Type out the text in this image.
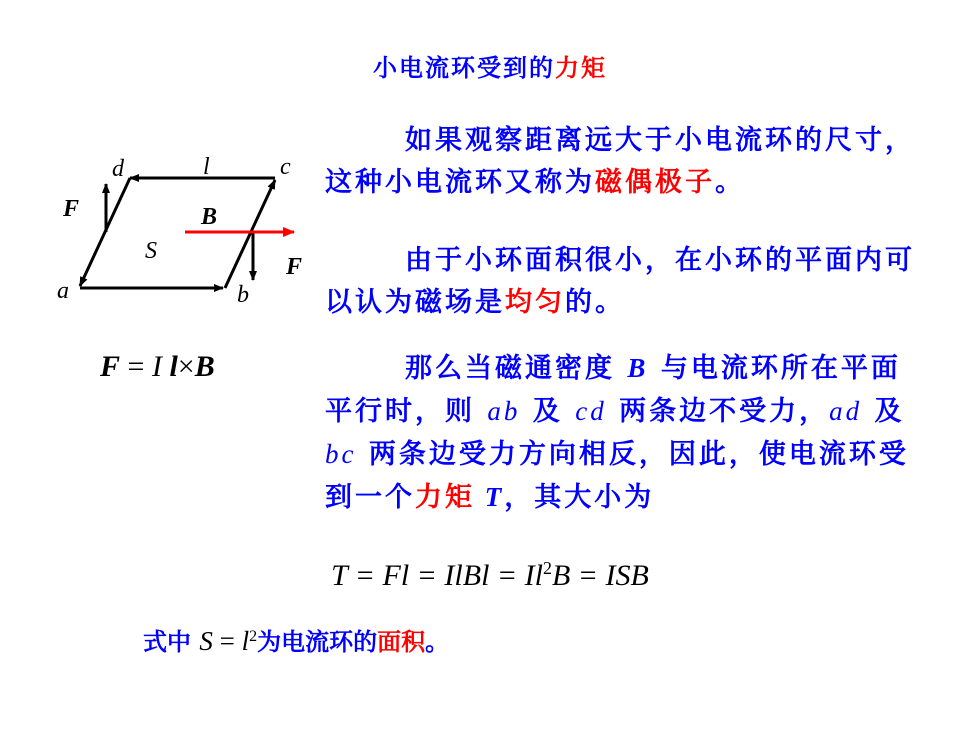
小电流环受到的力矩
d	l	c
F	B
S
F
a	b
F = I l×B
如果观察距离远大于小电流环的尺寸，这种小电流环又称为磁偶极子。
由于小环面积很小，在小环的平面内可以认为磁场是均匀的。
那么当磁通密度 B 与电流环所在平面平行时，则 ab 及 cd 两条边不受力，ad 及 bc 两条边受力方向相反，因此，使电流环受到一个力矩 T，其大小为
T = Fl = IlBl = $Il^2B$ = ISB
式中 $S = l^2$为电流环的面积。
